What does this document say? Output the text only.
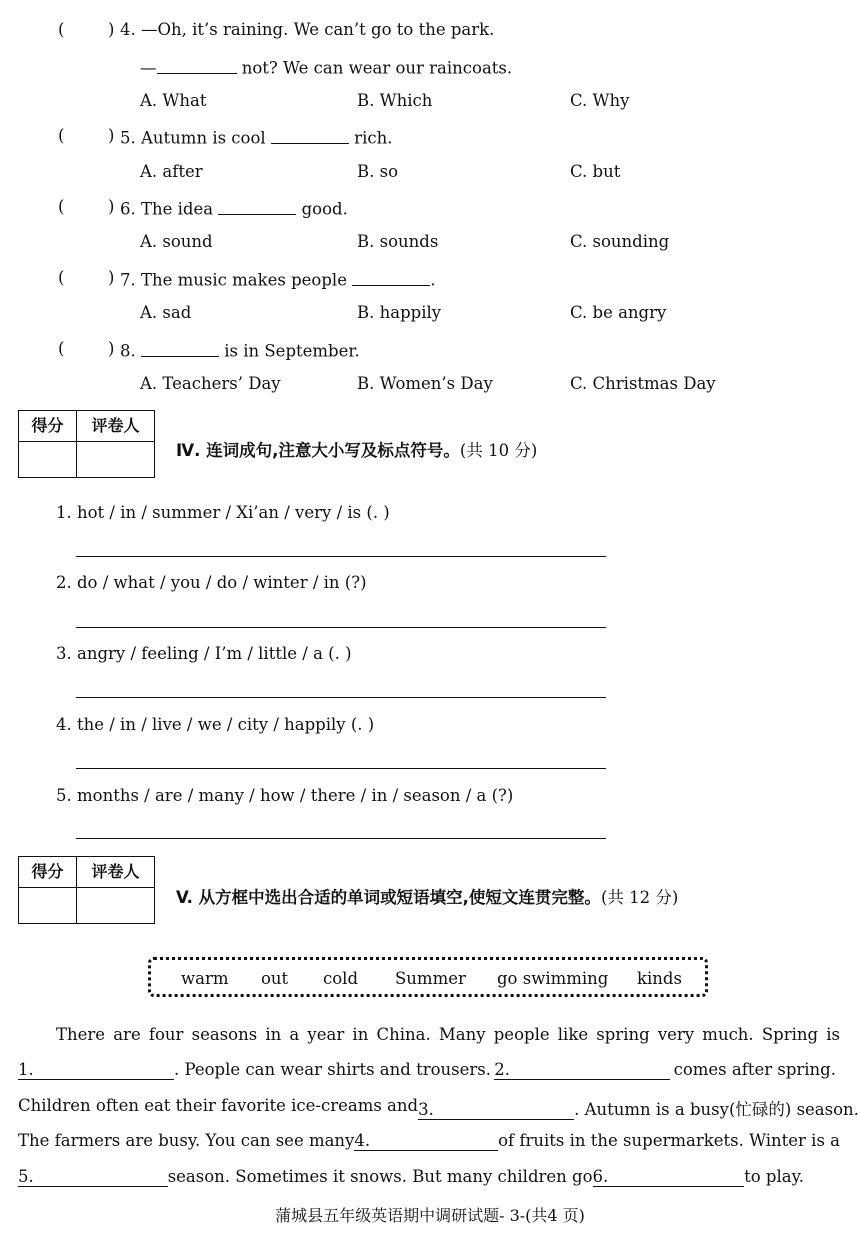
(	) 4. —Oh, it’s raining. We can’t go to the park.
—	not? We can wear our raincoats.
A. What	B. Which	C. Why
(	) 5. Autumn is cool	rich.
A. after	B. so	C. but
(	) 6. The idea	good.
A. sound	B. sounds	C. sounding
(	) 7. The music makes people	.
A. sad	B. happily	C. be angry
(	) 8.	is in September.
A. Teachers’ Day	B. Women’s Day	C. Christmas Day
得分	评卷人
Ⅳ. 连词成句,注意大小写及标点符号。(共 10 分)
1. hot / in / summer / Xi’an / very / is (. )
2. do / what / you / do / winter / in (?)
3. angry / feeling / I’m / little / a (. )
4. the / in / live / we / city / happily (. )
5. months / are / many / how / there / in / season / a (?)
得分	评卷人
V. 从方框中选出合适的单词或短语填空,使短文连贯完整。(共 12 分)
warm out cold Summer go swimming kinds
There are four seasons in a year in China. Many people like spring very much. Spring is
1.	. People can wear shirts and trousers. 2.	comes after spring.
Children often eat their favorite ice-creams and 3.	. Autumn is a busy(忙碌的) season.
The farmers are busy. You can see many 4.	of fruits in the supermarkets. Winter is a
5.	season. Sometimes it snows. But many children go 6.	to play.
蒲城县五年级英语期中调研试题- 3-(共4 页)
